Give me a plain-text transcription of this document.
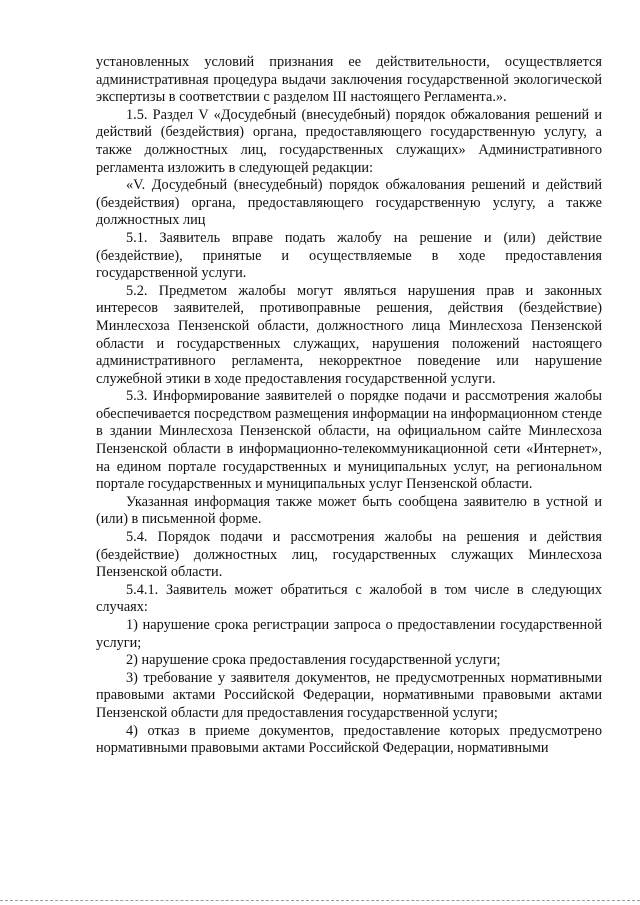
установленных условий признания ее действительности, осуществляется административная процедура выдачи заключения государственной экологической экспертизы в соответствии с разделом III настоящего Регламента.».

1.5. Раздел V «Досудебный (внесудебный) порядок обжалования решений и действий (бездействия) органа, предоставляющего государственную услугу, а также должностных лиц, государственных служащих» Административного регламента изложить в следующей редакции:

«V. Досудебный (внесудебный) порядок обжалования решений и действий (бездействия) органа, предоставляющего государственную услугу, а также должностных лиц

5.1. Заявитель вправе подать жалобу на решение и (или) действие (бездействие), принятые и осуществляемые в ходе предоставления государственной услуги.

5.2. Предметом жалобы могут являться нарушения прав и законных интересов заявителей, противоправные решения, действия (бездействие) Минлесхоза Пензенской области, должностного лица Минлесхоза Пензенской области и государственных служащих, нарушения положений настоящего административного регламента, некорректное поведение или нарушение служебной этики в ходе предоставления государственной услуги.

5.3. Информирование заявителей о порядке подачи и рассмотрения жалобы обеспечивается посредством размещения информации на информационном стенде в здании Минлесхоза Пензенской области, на официальном сайте Минлесхоза Пензенской области в информационно-телекоммуникационной сети «Интернет», на едином портале государственных и муниципальных услуг, на региональном портале государственных и муниципальных услуг Пензенской области.

Указанная информация также может быть сообщена заявителю в устной и (или) в письменной форме.

5.4. Порядок подачи и рассмотрения жалобы на решения и действия (бездействие) должностных лиц, государственных служащих Минлесхоза Пензенской области.

5.4.1. Заявитель может обратиться с жалобой в том числе в следующих случаях:

1) нарушение срока регистрации запроса о предоставлении государственной услуги;

2) нарушение срока предоставления государственной услуги;

3) требование у заявителя документов, не предусмотренных нормативными правовыми актами Российской Федерации, нормативными правовыми актами Пензенской области для предоставления государственной услуги;

4) отказ в приеме документов, предоставление которых предусмотрено нормативными правовыми актами Российской Федерации, нормативными
